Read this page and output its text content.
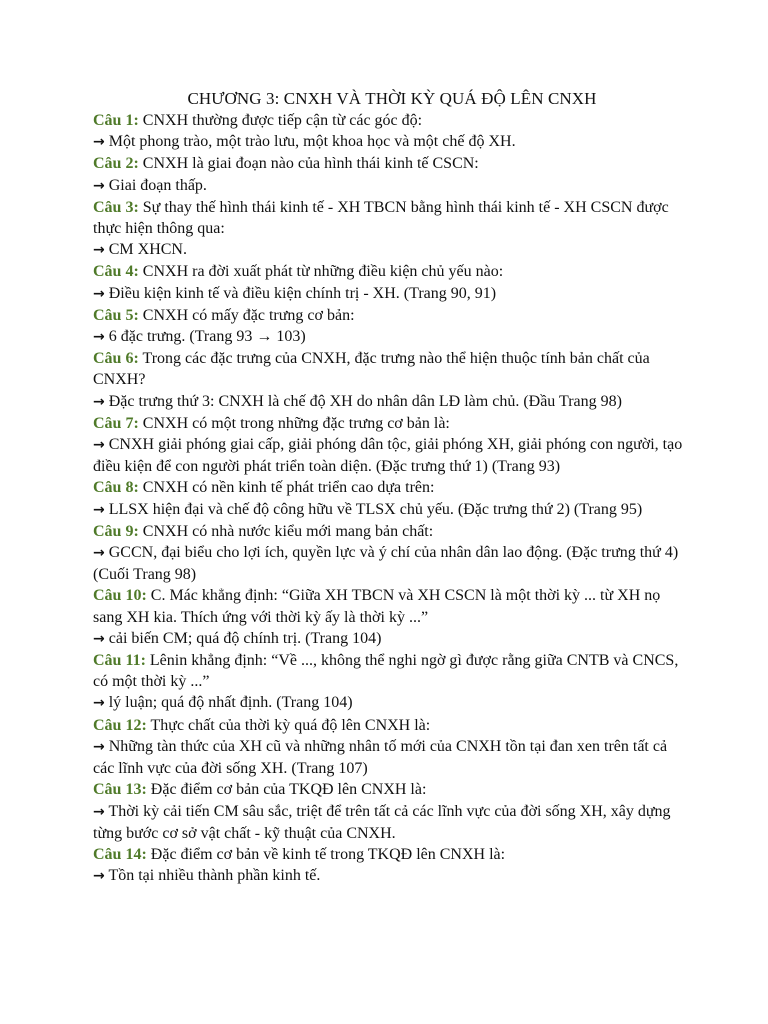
CHƯƠNG 3: CNXH VÀ THỜI KỲ QUÁ ĐỘ LÊN CNXH

Câu 1: CNXH thường được tiếp cận từ các góc độ:

→ Một phong trào, một trào lưu, một khoa học và một chế độ XH.

Câu 2: CNXH là giai đoạn nào của hình thái kinh tế CSCN:

→ Giai đoạn thấp.

Câu 3: Sự thay thế hình thái kinh tế - XH TBCN bằng hình thái kinh tế - XH CSCN được thực hiện thông qua:

→ CM XHCN.

Câu 4: CNXH ra đời xuất phát từ những điều kiện chủ yếu nào:

→ Điều kiện kinh tế và điều kiện chính trị - XH. (Trang 90, 91)

Câu 5: CNXH có mấy đặc trưng cơ bản:

→ 6 đặc trưng. (Trang 93 → 103)

Câu 6: Trong các đặc trưng của CNXH, đặc trưng nào thể hiện thuộc tính bản chất của CNXH?

→ Đặc trưng thứ 3: CNXH là chế độ XH do nhân dân LĐ làm chủ. (Đầu Trang 98)

Câu 7: CNXH có một trong những đặc trưng cơ bản là:

→ CNXH giải phóng giai cấp, giải phóng dân tộc, giải phóng XH, giải phóng con người, tạo điều kiện để con người phát triển toàn diện. (Đặc trưng thứ 1) (Trang 93)

Câu 8: CNXH có nền kinh tế phát triển cao dựa trên:

→ LLSX hiện đại và chế độ công hữu về TLSX chủ yếu. (Đặc trưng thứ 2) (Trang 95)

Câu 9: CNXH có nhà nước kiểu mới mang bản chất:

→ GCCN, đại biểu cho lợi ích, quyền lực và ý chí của nhân dân lao động. (Đặc trưng thứ 4) (Cuối Trang 98)

Câu 10: C. Mác khẳng định: “Giữa XH TBCN và XH CSCN là một thời kỳ ... từ XH nọ sang XH kia. Thích ứng với thời kỳ ấy là thời kỳ ...”

→ cải biến CM; quá độ chính trị. (Trang 104)

Câu 11: Lênin khẳng định: “Về ..., không thể nghi ngờ gì được rằng giữa CNTB và CNCS, có một thời kỳ ...”

→ lý luận; quá độ nhất định. (Trang 104)

Câu 12: Thực chất của thời kỳ quá độ lên CNXH là:

→ Những tàn thức của XH cũ và những nhân tố mới của CNXH tồn tại đan xen trên tất cả các lĩnh vực của đời sống XH. (Trang 107)

Câu 13: Đặc điểm cơ bản của TKQĐ lên CNXH là:

→ Thời kỳ cải tiến CM sâu sắc, triệt để trên tất cả các lĩnh vực của đời sống XH, xây dựng từng bước cơ sở vật chất - kỹ thuật của CNXH.

Câu 14: Đặc điểm cơ bản về kinh tế trong TKQĐ lên CNXH là:

→ Tồn tại nhiều thành phần kinh tế.
